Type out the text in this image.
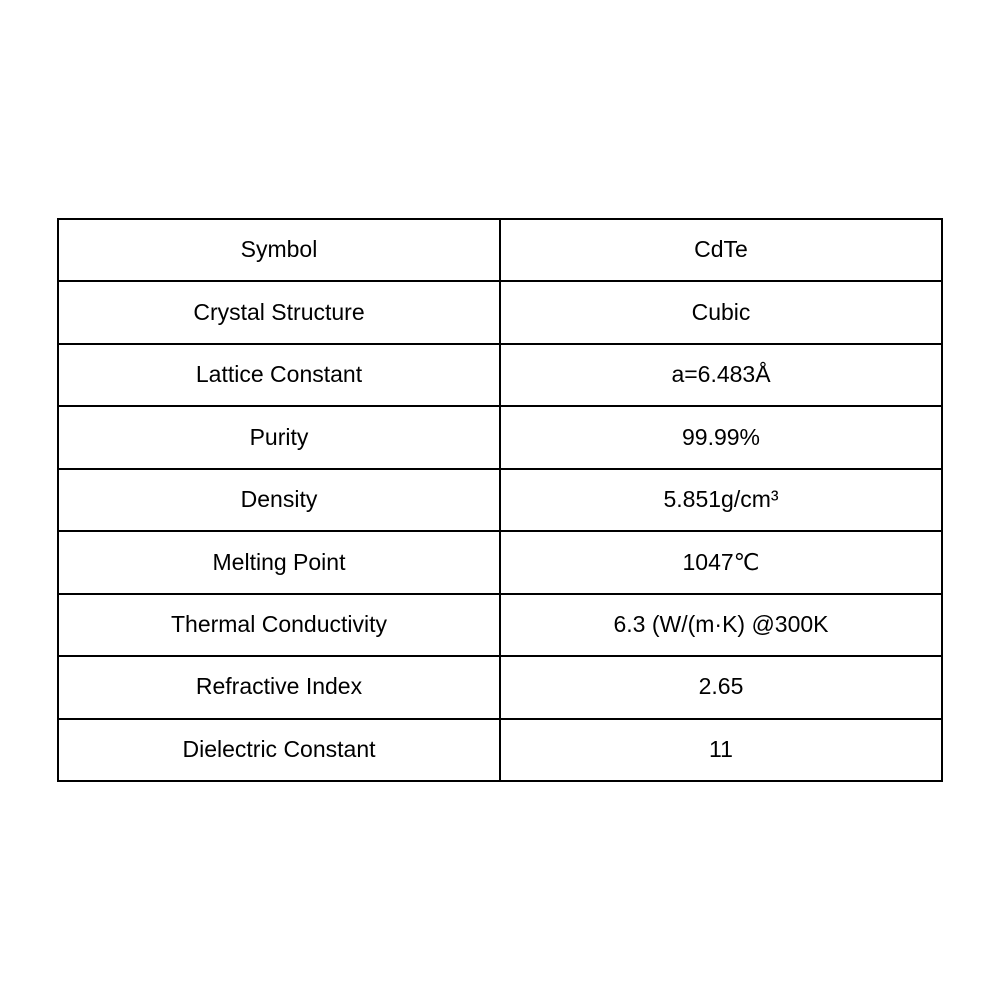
Symbol	CdTe
Crystal Structure	Cubic
Lattice Constant	a=6.483Å
Purity	99.99%
Density	5.851g/cm³
Melting Point	1047℃
Thermal Conductivity	6.3 (W/(m·K) @300K
Refractive Index	2.65
Dielectric Constant	11
